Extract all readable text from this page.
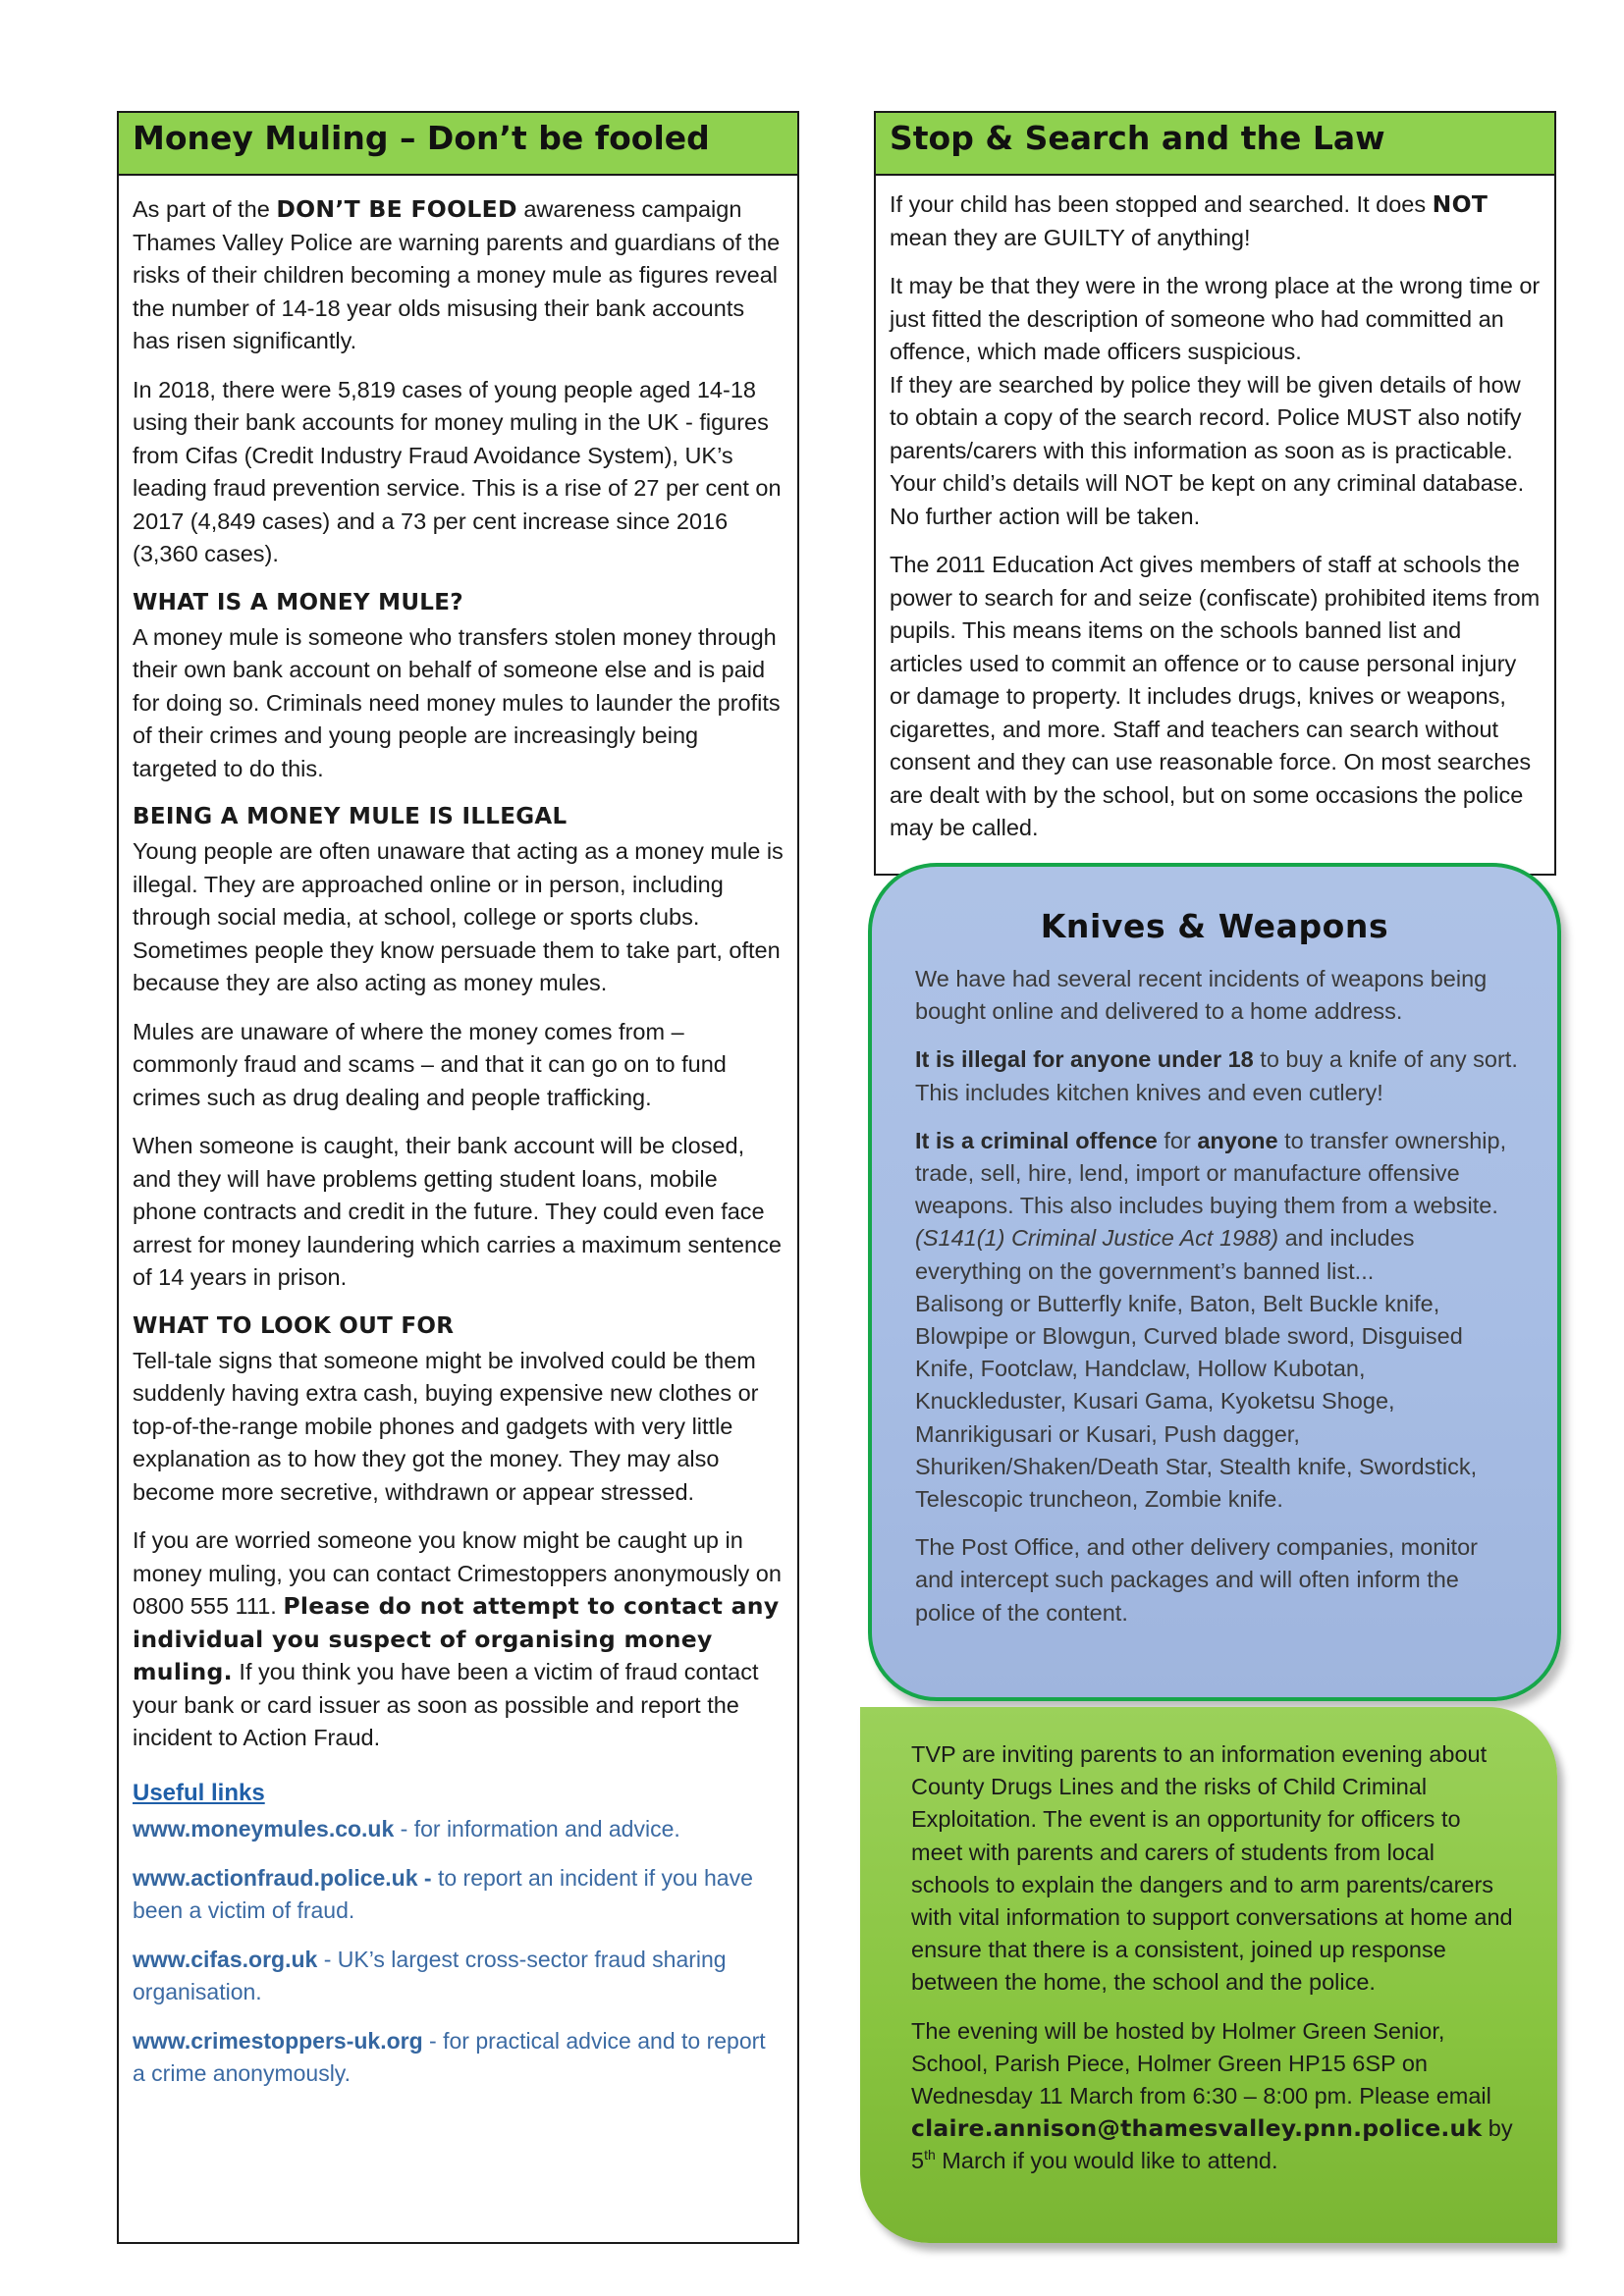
Money Muling – Don’t be fooled

As part of the DON’T BE FOOLED awareness campaign Thames Valley Police are warning parents and guardians of the risks of their children becoming a money mule as figures reveal the number of 14-18 year olds misusing their bank accounts has risen significantly.

In 2018, there were 5,819 cases of young people aged 14-18 using their bank accounts for money muling in the UK - figures from Cifas (Credit Industry Fraud Avoidance System), UK’s leading fraud prevention service. This is a rise of 27 per cent on 2017 (4,849 cases) and a 73 per cent increase since 2016 (3,360 cases).

WHAT IS A MONEY MULE?

A money mule is someone who transfers stolen money through their own bank account on behalf of someone else and is paid for doing so. Criminals need money mules to launder the profits of their crimes and young people are increasingly being targeted to do this.

BEING A MONEY MULE IS ILLEGAL

Young people are often unaware that acting as a money mule is illegal. They are approached online or in person, including through social media, at school, college or sports clubs. Sometimes people they know persuade them to take part, often because they are also acting as money mules.

Mules are unaware of where the money comes from – commonly fraud and scams – and that it can go on to fund crimes such as drug dealing and people trafficking.

When someone is caught, their bank account will be closed, and they will have problems getting student loans, mobile phone contracts and credit in the future. They could even face arrest for money laundering which carries a maximum sentence of 14 years in prison.

WHAT TO LOOK OUT FOR

Tell-tale signs that someone might be involved could be them suddenly having extra cash, buying expensive new clothes or top-of-the-range mobile phones and gadgets with very little explanation as to how they got the money. They may also become more secretive, withdrawn or appear stressed.

If you are worried someone you know might be caught up in money muling, you can contact Crimestoppers anonymously on 0800 555 111. Please do not attempt to contact any individual you suspect of organising money muling. If you think you have been a victim of fraud contact your bank or card issuer as soon as possible and report the incident to Action Fraud.

Useful links

www.moneymules.co.uk - for information and advice.

www.actionfraud.police.uk - to report an incident if you have been a victim of fraud.

www.cifas.org.uk - UK’s largest cross-sector fraud sharing organisation.

www.crimestoppers-uk.org - for practical advice and to report a crime anonymously.

Stop & Search and the Law

If your child has been stopped and searched. It does NOT mean they are GUILTY of anything!

It may be that they were in the wrong place at the wrong time or just fitted the description of someone who had committed an offence, which made officers suspicious.

If they are searched by police they will be given details of how to obtain a copy of the search record. Police MUST also notify parents/carers with this information as soon as is practicable. Your child’s details will NOT be kept on any criminal database. No further action will be taken.

The 2011 Education Act gives members of staff at schools the power to search for and seize (confiscate) prohibited items from pupils. This means items on the schools banned list and articles used to commit an offence or to cause personal injury or damage to property. It includes drugs, knives or weapons, cigarettes, and more. Staff and teachers can search without consent and they can use reasonable force. On most searches are dealt with by the school, but on some occasions the police may be called.

Knives & Weapons

We have had several recent incidents of weapons being bought online and delivered to a home address.

It is illegal for anyone under 18 to buy a knife of any sort. This includes kitchen knives and even cutlery!

It is a criminal offence for anyone to transfer ownership, trade, sell, hire, lend, import or manufacture offensive weapons. This also includes buying them from a website. (S141(1) Criminal Justice Act 1988) and includes everything on the government’s banned list...
Balisong or Butterfly knife, Baton, Belt Buckle knife, Blowpipe or Blowgun, Curved blade sword, Disguised Knife, Footclaw, Handclaw, Hollow Kubotan, Knuckleduster, Kusari Gama, Kyoketsu Shoge, Manrikigusari or Kusari, Push dagger, Shuriken/Shaken/Death Star, Stealth knife, Swordstick, Telescopic truncheon, Zombie knife.

The Post Office, and other delivery companies, monitor and intercept such packages and will often inform the police of the content.

TVP are inviting parents to an information evening about County Drugs Lines and the risks of Child Criminal Exploitation. The event is an opportunity for officers to meet with parents and carers of students from local schools to explain the dangers and to arm parents/carers with vital information to support conversations at home and ensure that there is a consistent, joined up response between the home, the school and the police.

The evening will be hosted by Holmer Green Senior, School, Parish Piece, Holmer Green HP15 6SP on Wednesday 11 March from 6:30 – 8:00 pm. Please email claire.annison@thamesvalley.pnn.police.uk by 5th March if you would like to attend.
